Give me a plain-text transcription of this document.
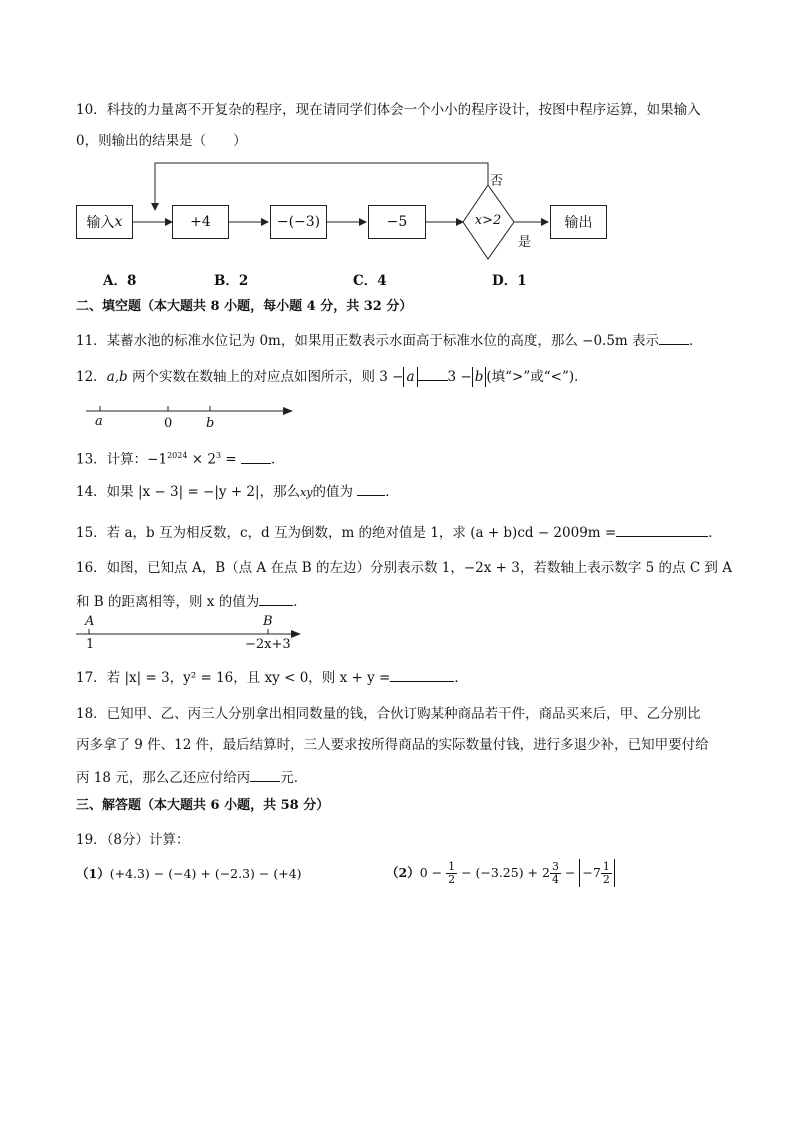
10．科技的力量离不开复杂的程序，现在请同学们体会一个小小的程序设计，按图中程序运算，如果输入
0，则输出的结果是（　　）
输入 x	+4	−(−3)	−5	x>2	输出
否
是
A．8	B．2	C．4	D．1
二、填空题（本大题共 8 小题，每小题 4 分，共 32 分）
11．某蓄水池的标准水位记为 0m，如果用正数表示水面高于标准水位的高度，那么 −0.5m 表示 ．
12．a,b 两个实数在数轴上的对应点如图所示，则 3 − a 3 − b (填“>”或“<”)．
a	0	b
13．计算：$-1^{2024} \times 2^3$ = ．
14．如果 |x − 3| = −|y + 2|，那么xy的值为 ．
15．若 a，b 互为相反数，c，d 互为倒数，m 的绝对值是 1，求 (a + b)cd − 2009m =	．
16．如图，已知点 A，B（点 A 在点 B 的左边）分别表示数 1，−2x + 3，若数轴上表示数字 5 的点 C 到 A
和 B 的距离相等，则 x 的值为	．
A	B
1	−2x+3
17．若 |x| = 3，y² = 16，且 xy < 0，则 x + y =	．
18．已知甲、乙、丙三人分别拿出相同数量的钱，合伙订购某种商品若干件，商品买来后，甲、乙分别比
丙多拿了 9 件、12 件，最后结算时，三人要求按所得商品的实际数量付钱，进行多退少补，已知甲要付给
丙 18 元，那么乙还应付给丙 元．
三、解答题（本大题共 6 小题，共 58 分）
19．（8分）计算：
（1）(+4.3) − (−4) + (−2.3) − (+4)	$(2)0 - \frac{1}{2} - (-3.25) + 2 \frac{3}{4} - -7 \frac{1}{2}$
